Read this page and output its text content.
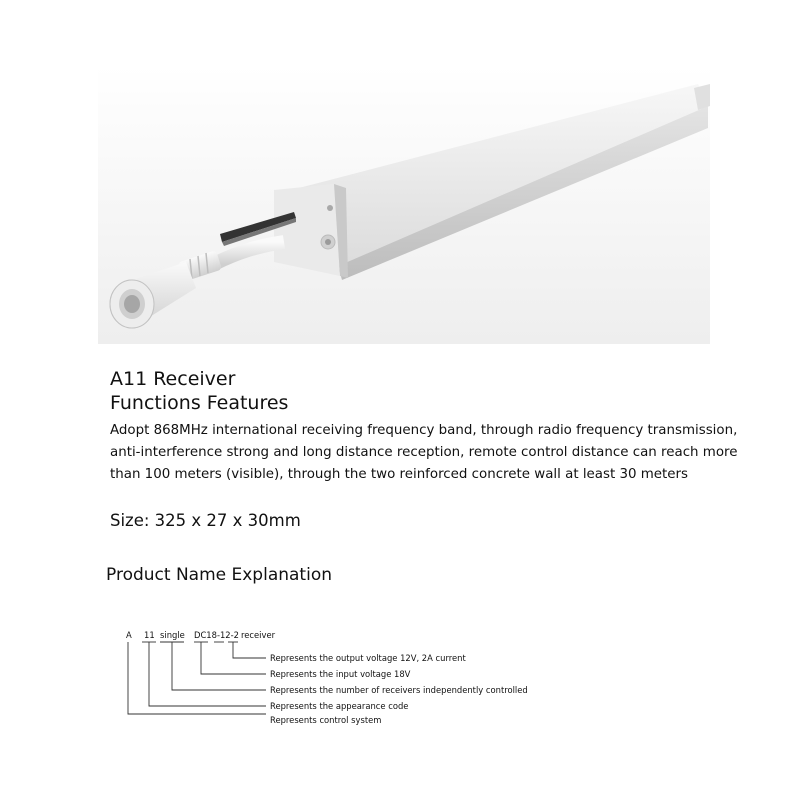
A11 Receiver
Functions Features
Adopt 868MHz international receiving frequency band, through radio frequency transmission,
anti-interference strong and long distance reception, remote control distance can reach more
than 100 meters (visible), through the two reinforced concrete wall at least 30 meters
Size: 325 x 27 x 30mm
Product Name Explanation
A 11 single DC18-12-2 receiver
Represents the output voltage 12V, 2A current
Represents the input voltage 18V
Represents the number of receivers independently controlled
Represents the appearance code
Represents control system
